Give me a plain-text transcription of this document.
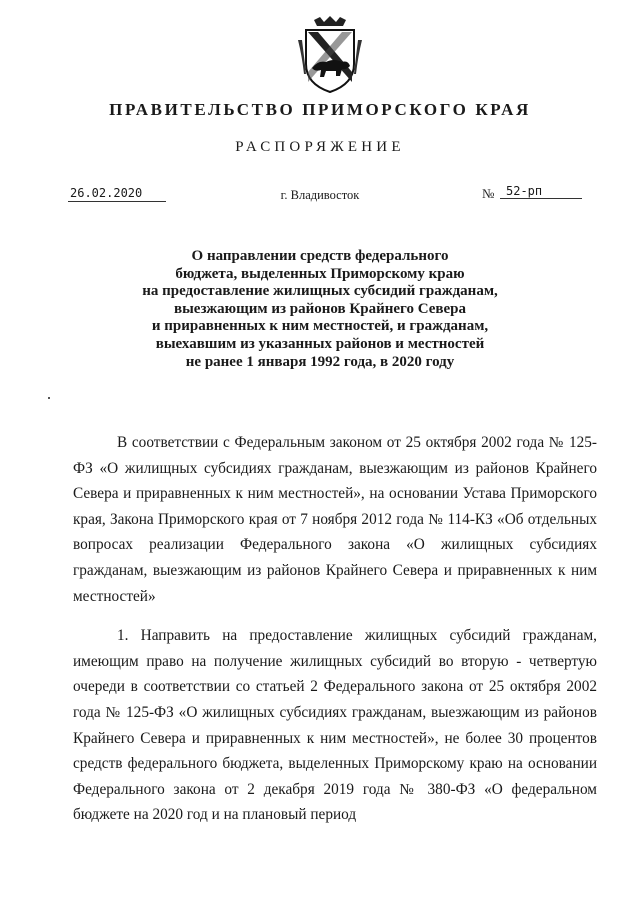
ПРАВИТЕЛЬСТВО ПРИМОРСКОГО КРАЯ
РАСПОРЯЖЕНИЕ
26.02.2020	г. Владивосток	№ 52-рп
О направлении средств федерального
бюджета, выделенных Приморскому краю
на предоставление жилищных субсидий гражданам,
выезжающим из районов Крайнего Севера
и приравненных к ним местностей, и гражданам,
выехавшим из указанных районов и местностей
не ранее 1 января 1992 года, в 2020 году

В соответствии с Федеральным законом от 25 октября 2002 года № 125-ФЗ «О жилищных субсидиях гражданам, выезжающим из районов Крайнего Севера и приравненных к ним местностей», на основании Устава Приморского края, Закона Приморского края от 7 ноября 2012 года № 114-КЗ «Об отдельных вопросах реализации Федерального закона «О жилищных субсидиях гражданам, выезжающим из районов Крайнего Севера и приравненных к ним местностей»

1. Направить на предоставление жилищных субсидий гражданам, имеющим право на получение жилищных субсидий во вторую - четвертую очереди в соответствии со статьей 2 Федерального закона от 25 октября 2002 года № 125-ФЗ «О жилищных субсидиях гражданам, выезжающим из районов Крайнего Севера и приравненных к ним местностей», не более 30 процентов средств федерального бюджета, выделенных Приморскому краю на основании Федерального закона от 2 декабря 2019 года № 380-ФЗ «О федеральном бюджете на 2020 год и на плановый период
